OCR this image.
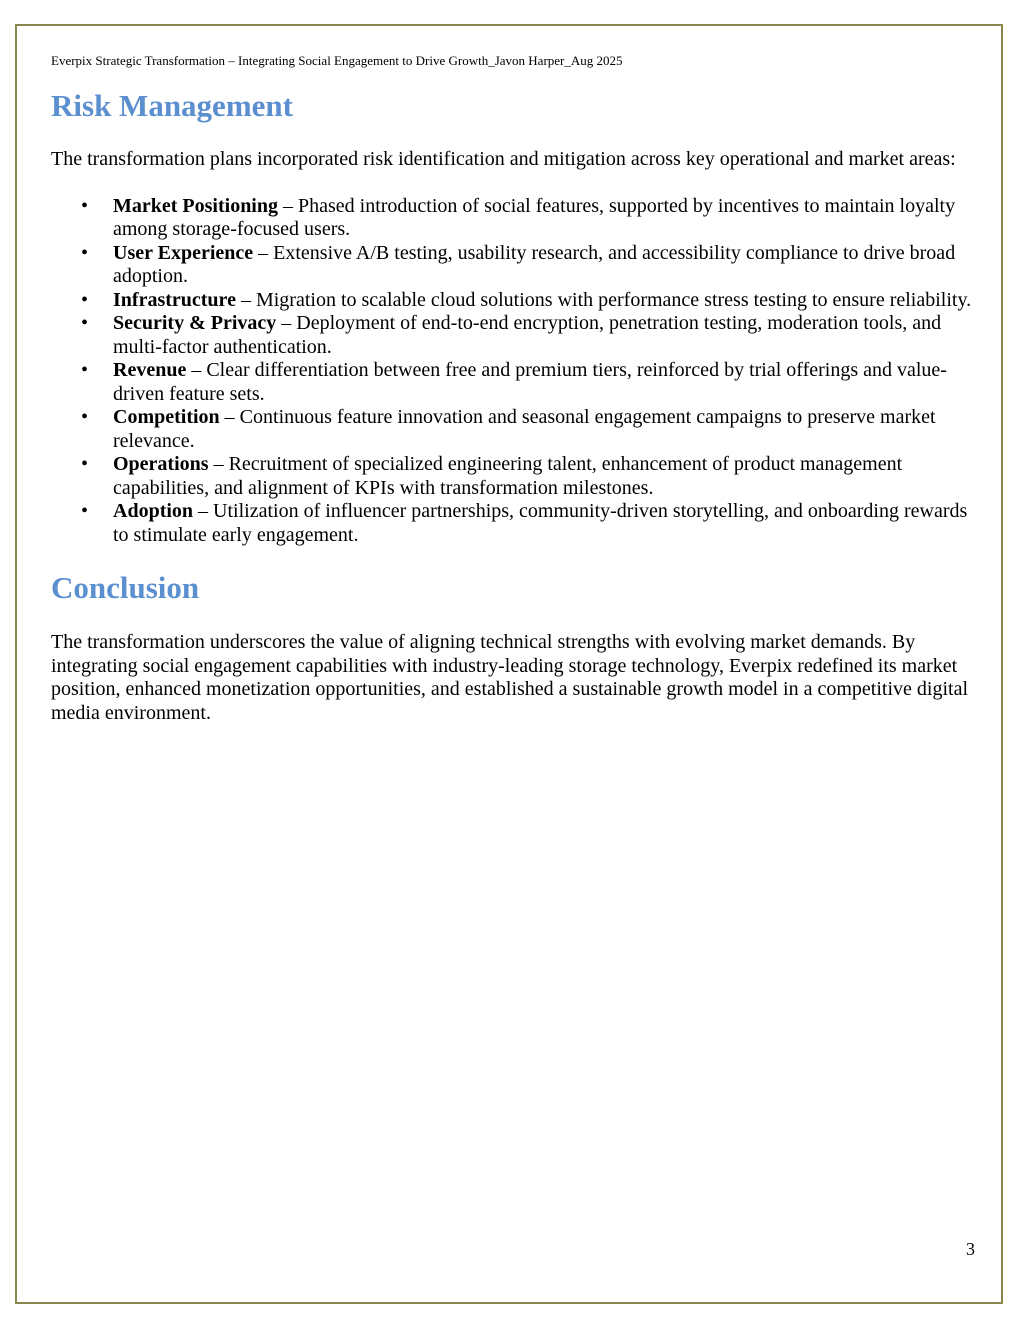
Everpix Strategic Transformation – Integrating Social Engagement to Drive Growth_Javon Harper_Aug 2025

Risk Management

The transformation plans incorporated risk identification and mitigation across key operational and market areas:

• Market Positioning – Phased introduction of social features, supported by incentives to maintain loyalty among storage-focused users.
• User Experience – Extensive A/B testing, usability research, and accessibility compliance to drive broad adoption.
• Infrastructure – Migration to scalable cloud solutions with performance stress testing to ensure reliability.
• Security & Privacy – Deployment of end-to-end encryption, penetration testing, moderation tools, and multi-factor authentication.
• Revenue – Clear differentiation between free and premium tiers, reinforced by trial offerings and value-driven feature sets.
• Competition – Continuous feature innovation and seasonal engagement campaigns to preserve market relevance.
• Operations – Recruitment of specialized engineering talent, enhancement of product management capabilities, and alignment of KPIs with transformation milestones.
• Adoption – Utilization of influencer partnerships, community-driven storytelling, and onboarding rewards to stimulate early engagement.
Conclusion

The transformation underscores the value of aligning technical strengths with evolving market demands. By integrating social engagement capabilities with industry-leading storage technology, Everpix redefined its market position, enhanced monetization opportunities, and established a sustainable growth model in a competitive digital media environment.

3
